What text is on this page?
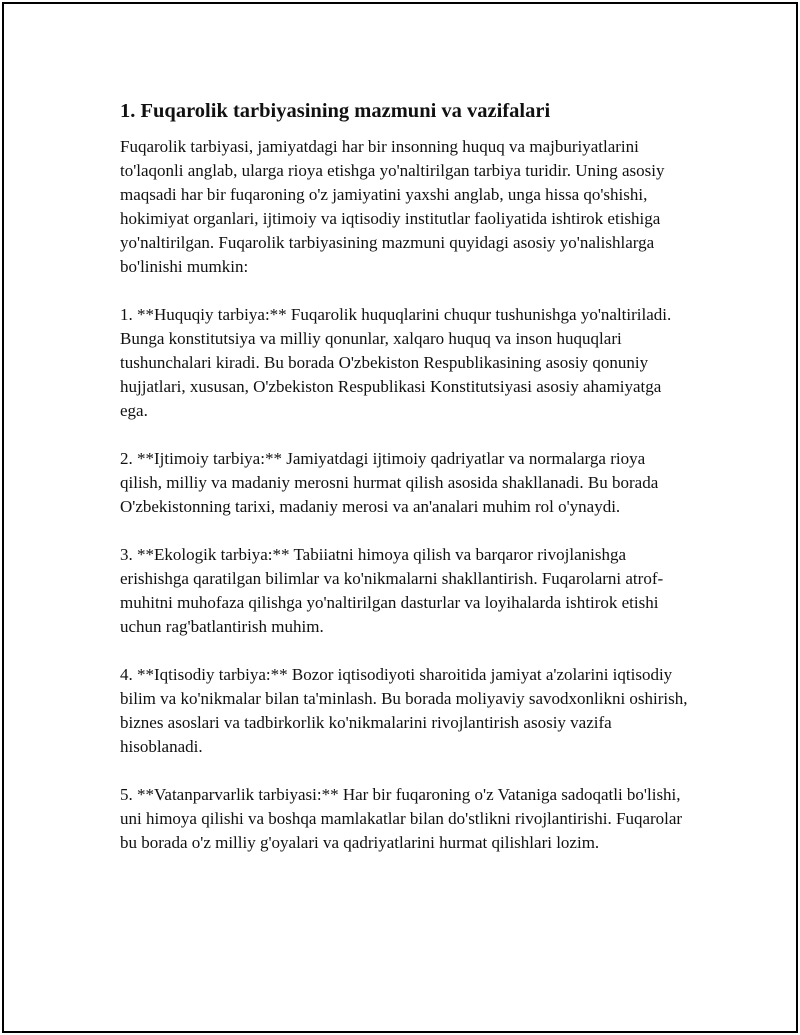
1. Fuqarolik tarbiyasining mazmuni va vazifalari

Fuqarolik tarbiyasi, jamiyatdagi har bir insonning huquq va majburiyatlarini to'laqonli anglab, ularga rioya etishga yo'naltirilgan tarbiya turidir. Uning asosiy maqsadi har bir fuqaroning o'z jamiyatini yaxshi anglab, unga hissa qo'shishi, hokimiyat organlari, ijtimoiy va iqtisodiy institutlar faoliyatida ishtirok etishiga yo'naltirilgan. Fuqarolik tarbiyasining mazmuni quyidagi asosiy yo'nalishlarga bo'linishi mumkin:

1. **Huquqiy tarbiya:** Fuqarolik huquqlarini chuqur tushunishga yo'naltiriladi. Bunga konstitutsiya va milliy qonunlar, xalqaro huquq va inson huquqlari tushunchalari kiradi. Bu borada O'zbekiston Respublikasining asosiy qonuniy hujjatlari, xususan, O'zbekiston Respublikasi Konstitutsiyasi asosiy ahamiyatga ega.

2. **Ijtimoiy tarbiya:** Jamiyatdagi ijtimoiy qadriyatlar va normalarga rioya qilish, milliy va madaniy merosni hurmat qilish asosida shakllanadi. Bu borada O'zbekistonning tarixi, madaniy merosi va an'analari muhim rol o'ynaydi.

3. **Ekologik tarbiya:** Tabiiatni himoya qilish va barqaror rivojlanishga erishishga qaratilgan bilimlar va ko'nikmalarni shakllantirish. Fuqarolarni atrof-muhitni muhofaza qilishga yo'naltirilgan dasturlar va loyihalarda ishtirok etishi uchun rag'batlantirish muhim.

4. **Iqtisodiy tarbiya:** Bozor iqtisodiyoti sharoitida jamiyat a'zolarini iqtisodiy bilim va ko'nikmalar bilan ta'minlash. Bu borada moliyaviy savodxonlikni oshirish, biznes asoslari va tadbirkorlik ko'nikmalarini rivojlantirish asosiy vazifa hisoblanadi.

5. **Vatanparvarlik tarbiyasi:** Har bir fuqaroning o'z Vataniga sadoqatli bo'lishi, uni himoya qilishi va boshqa mamlakatlar bilan do'stlikni rivojlantirishi. Fuqarolar bu borada o'z milliy g'oyalari va qadriyatlarini hurmat qilishlari lozim.
